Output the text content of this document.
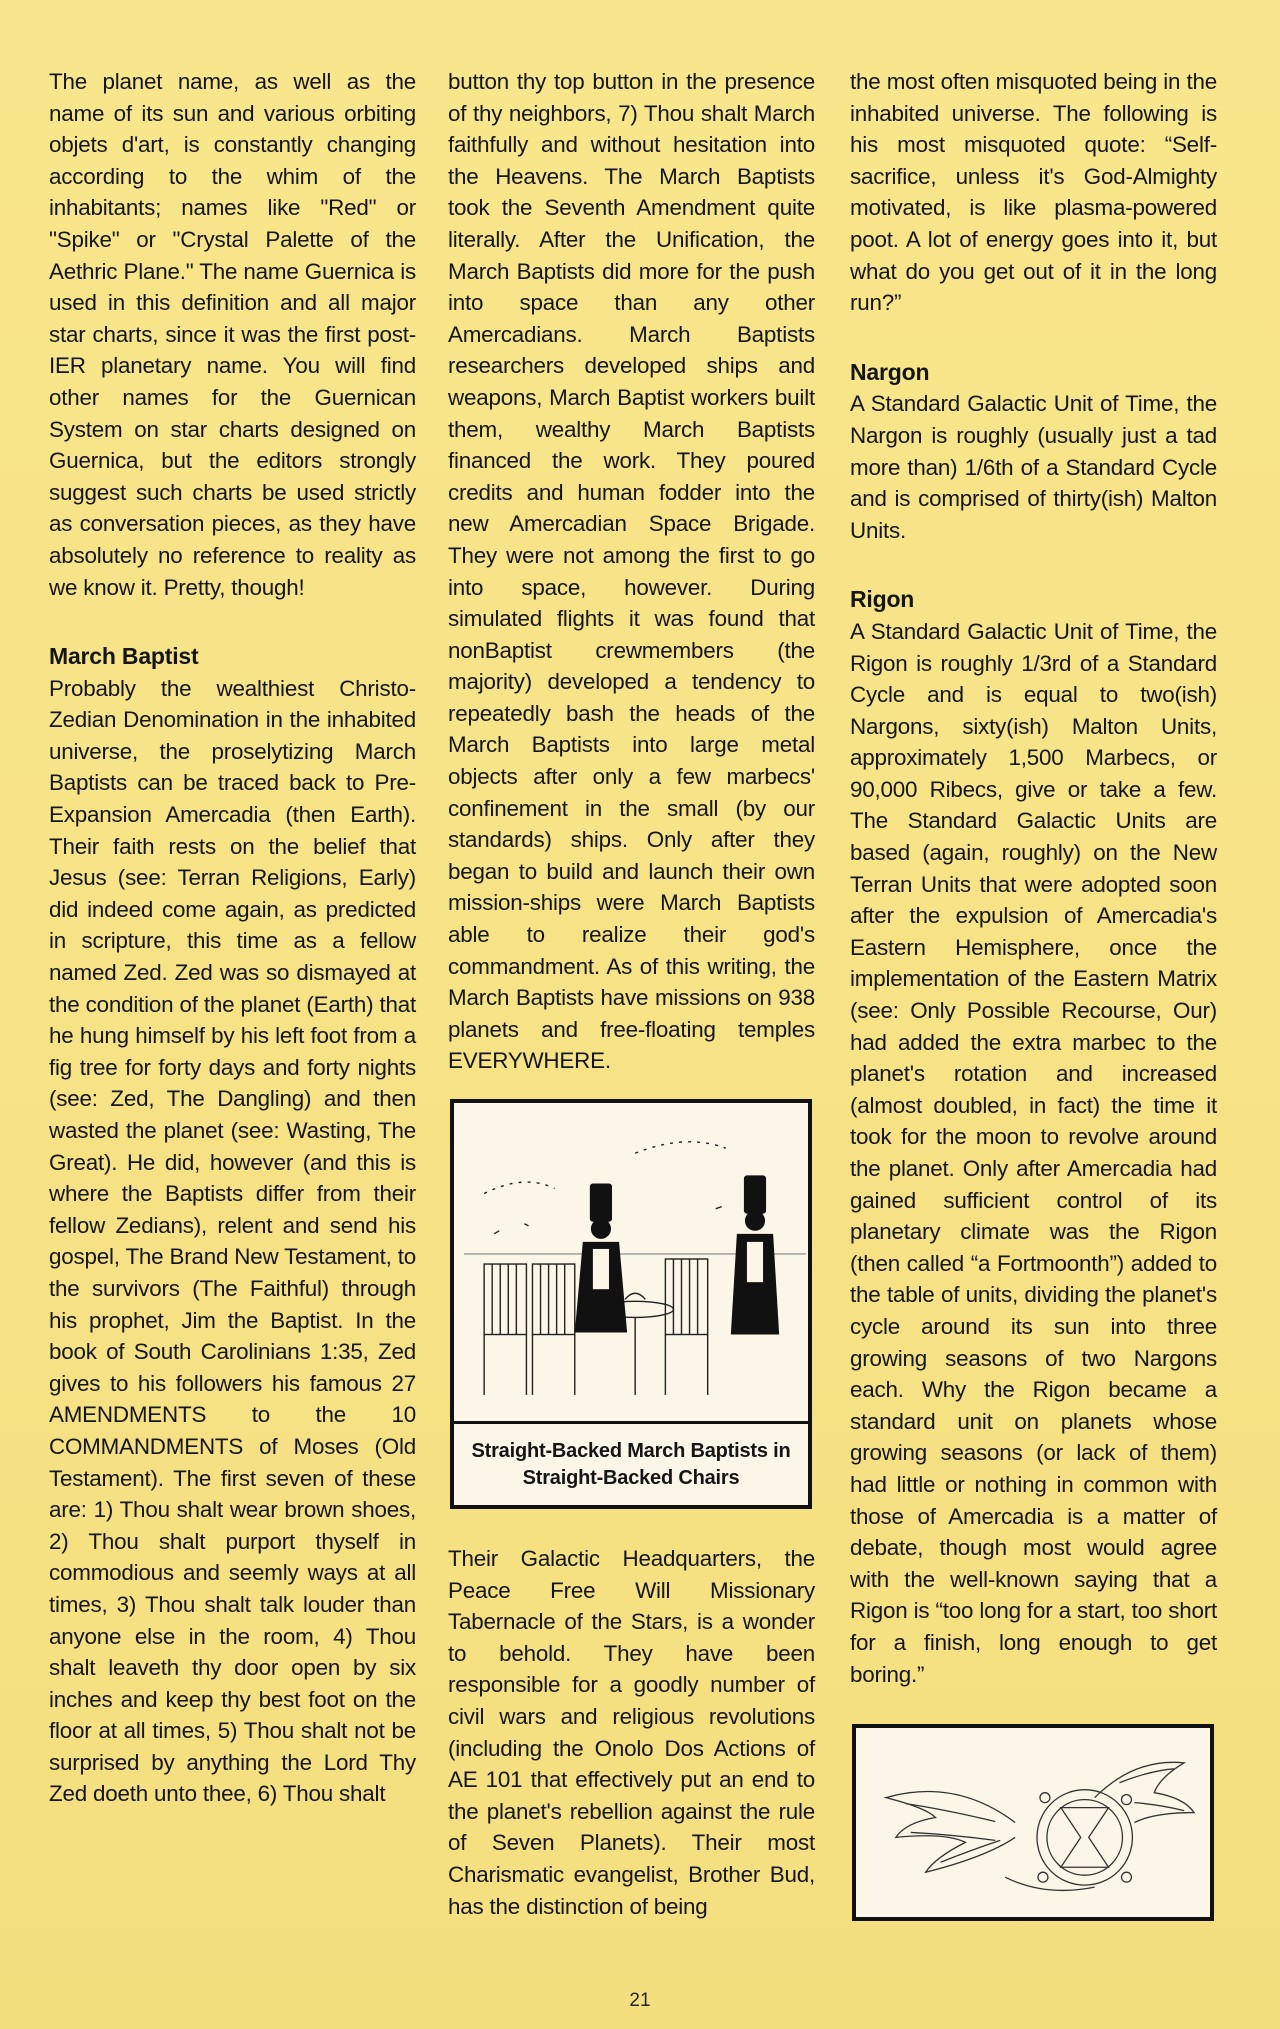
The planet name, as well as the name of its sun and various orbiting objets d'art, is constantly changing according to the whim of the inhabitants; names like "Red" or "Spike" or "Crystal Palette of the Aethric Plane." The name Guernica is used in this definition and all major star charts, since it was the first post-IER planetary name. You will find other names for the Guernican System on star charts designed on Guernica, but the editors strongly suggest such charts be used strictly as conversation pieces, as they have absolutely no reference to reality as we know it. Pretty, though!

March Baptist

Probably the wealthiest Christo-Zedian Denomination in the inhabited universe, the proselytizing March Baptists can be traced back to Pre-Expansion Amercadia (then Earth). Their faith rests on the belief that Jesus (see: Terran Religions, Early) did indeed come again, as predicted in scripture, this time as a fellow named Zed. Zed was so dismayed at the condition of the planet (Earth) that he hung himself by his left foot from a fig tree for forty days and forty nights (see: Zed, The Dangling) and then wasted the planet (see: Wasting, The Great). He did, however (and this is where the Baptists differ from their fellow Zedians), relent and send his gospel, The Brand New Testament, to the survivors (The Faithful) through his prophet, Jim the Baptist. In the book of South Carolinians 1:35, Zed gives to his followers his famous 27 AMENDMENTS to the 10 COMMANDMENTS of Moses (Old Testament). The first seven of these are: 1) Thou shalt wear brown shoes, 2) Thou shalt purport thyself in commodious and seemly ways at all times, 3) Thou shalt talk louder than anyone else in the room, 4) Thou shalt leaveth thy door open by six inches and keep thy best foot on the floor at all times, 5) Thou shalt not be surprised by anything the Lord Thy Zed doeth unto thee, 6) Thou shalt

button thy top button in the presence of thy neighbors, 7) Thou shalt March faithfully and without hesitation into the Heavens. The March Baptists took the Seventh Amendment quite literally. After the Unification, the March Baptists did more for the push into space than any other Amercadians. March Baptists researchers developed ships and weapons, March Baptist workers built them, wealthy March Baptists financed the work. They poured credits and human fodder into the new Amercadian Space Brigade. They were not among the first to go into space, however. During simulated flights it was found that nonBaptist crewmembers (the majority) developed a tendency to repeatedly bash the heads of the March Baptists into large metal objects after only a few marbecs' confinement in the small (by our standards) ships. Only after they began to build and launch their own mission-ships were March Baptists able to realize their god's commandment. As of this writing, the March Baptists have missions on 938 planets and free-floating temples EVERYWHERE.

Straight-Backed March Baptists in Straight-Backed Chairs

Their Galactic Headquarters, the Peace Free Will Missionary Tabernacle of the Stars, is a wonder to behold. They have been responsible for a goodly number of civil wars and religious revolutions (including the Onolo Dos Actions of AE 101 that effectively put an end to the planet's rebellion against the rule of Seven Planets). Their most Charismatic evangelist, Brother Bud, has the distinction of being

the most often misquoted being in the inhabited universe. The following is his most misquoted quote: “Self-sacrifice, unless it's God-Almighty motivated, is like plasma-powered poot. A lot of energy goes into it, but what do you get out of it in the long run?”

Nargon

A Standard Galactic Unit of Time, the Nargon is roughly (usually just a tad more than) 1/6th of a Standard Cycle and is comprised of thirty(ish) Malton Units.

Rigon

A Standard Galactic Unit of Time, the Rigon is roughly 1/3rd of a Standard Cycle and is equal to two(ish) Nargons, sixty(ish) Malton Units, approximately 1,500 Marbecs, or 90,000 Ribecs, give or take a few. The Standard Galactic Units are based (again, roughly) on the New Terran Units that were adopted soon after the expulsion of Amercadia's Eastern Hemisphere, once the implementation of the Eastern Matrix (see: Only Possible Recourse, Our) had added the extra marbec to the planet's rotation and increased (almost doubled, in fact) the time it took for the moon to revolve around the planet. Only after Amercadia had gained sufficient control of its planetary climate was the Rigon (then called “a Fortmoonth”) added to the table of units, dividing the planet's cycle around its sun into three growing seasons of two Nargons each. Why the Rigon became a standard unit on planets whose growing seasons (or lack of them) had little or nothing in common with those of Amercadia is a matter of debate, though most would agree with the well-known saying that a Rigon is “too long for a start, too short for a finish, long enough to get boring.”

21
